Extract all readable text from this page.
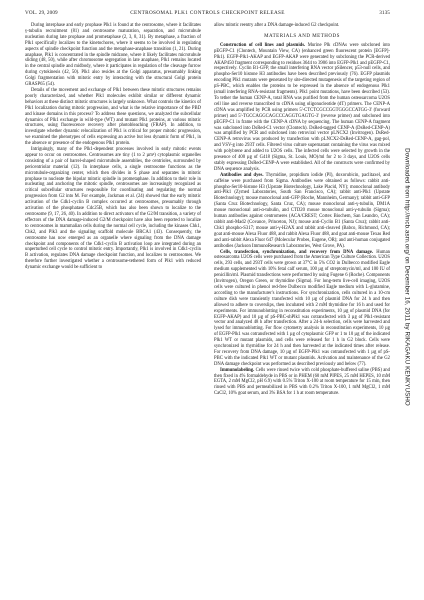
VOL. 29, 2009	CENTROSOMAL PLK1 CONTROLS CHECKPOINT RELEASE	3135

During interphase and early prophase Plk1 is found at the centrosome, where it facilitates γ-tubulin recruitment (81) and centrosome maturation, separation, and microtubule nucleation during late prophase and prometaphase (2, 3, 8, 31). By metaphase, a fraction of Plk1 specifically localizes to the kinetochores, where it seems to be involved in regulating aspects of spindle checkpoint function and the metaphase-anaphase transition (1, 21). During anaphase, Plk1 is concentrated in the spindle midzone, where it likely facilitates microtubule sliding (48, 50), while after chromosome segregation in late anaphase, Plk1 remains located in the central spindle and midbody, where it participates in regulation of the cleavage furrow during cytokinesis (42, 50). Plk1 also resides at the Golgi apparatus, presumably linking Golgi fragmentation with mitotic entry by interacting with the structural Golgi protein GRASP65 (54).

Details of the movement and exchange of Plk1 between these mitotic structures remains poorly characterized, and whether Plk1 molecules exhibit similar or different dynamic behaviors at these distinct mitotic structures is largely unknown. What controls the kinetics of Plk1 localization during mitotic progression, and what is the relative importance of the PBD and kinase domains in this process? To address these questions, we analyzed the subcellular dynamics of Plk1 exchange in wild-type (WT) and mutant Plk1 proteins, at various mitotic structures, using fluorescence recovery after photobleaching (FRAP). In addition, to investigate whether dynamic relocalization of Plk1 is critical for proper mitotic progression, we examined the phenotypes of cells expressing an active but less dynamic form of Plk1, in the absence or presence of the endogenous Plk1 protein.

Intriguingly, many of the Plk1-dependent processes involved in early mitotic events appear to occur on centrosomes. Centrosomes are tiny (1 to 2 µm³) cytoplasmic organelles consisting of a pair of barrel-shaped microtubule assemblies, the centrioles, surrounded by pericentriolar material (12). In interphase cells, a single centrosome functions as the microtubule-organizing center, which then divides in S phase and separates in mitotic prophase to nucleate the bipolar mitotic spindle in prometaphase. In addition to their role in nucleating and anchoring the mitotic spindle, centrosomes are increasingly recognized as critical subcellular structures responsible for coordinating and regulating the normal progression from G2 into M. For example, Jackman et al. (24) showed that the early mitotic activation of the Cdk1-cyclin B complex occurred at centrosomes, presumably through activation of the phosphatase Cdc25B, which has also been shown to localize to the centrosome (9, 17, 26, 40). In addition to direct activators of the G2/M transition, a variety of effectors of the DNA damage-induced G2/M checkpoint have also been reported to localize to centrosomes in mammalian cells during the normal cell cycle, including the kinases Chk1, Chk2, and Plk3 and the signaling scaffold molecule BRCA1 (43). Consequently, the centrosome has now emerged as an organelle where signaling from the DNA damage checkpoint and components of the Cdk1-cyclin B activation loop are integrated during an unperturbed cell cycle to control mitotic entry. Importantly, Plk1 is involved in Cdk1-cyclin B activation, regulates DNA damage checkpoint function, and localizes to centrosomes. We therefore further investigated whether a centrosome-tethered form of Plk1 with reduced dynamic exchange would be sufficient to

allow mitotic reentry after a DNA damage-induced G2 checkpoint.

MATERIALS AND METHODS

Construction of cell lines and plasmids. Murine Plk cDNAs were subcloned into pEGFP-C1 (Clontech, Mountain View, CA) (enhanced green fluorescent protein [EGFP]-Plk1). EGFP-Plk1-AKAP and EGFP-AKAP were generated by subcloning the PCR-derived AKAP450 fragment corresponding to residues 3644 to 3906 into EGFP-Plk1 and pEGFP-C1, respectively. Cyclin B1-GFP, the small interfering RNA vector pSilencer, p53-null cells, and phospho-Ser10 histone H3 antibodies have been described previously (76). EGFP plasmids encoding Plk1 mutants were generated by site-directed mutagenesis of the targeting region of pS-PBC, which enables the proteins to be expressed in the absence of endogenous Plk1 (small interfering RNA-resistant fragments). Plk1 point mutations, have been described (53). To tether the human CENP-A, total RNA was purified from the human osteosarcoma U2OS cell line and reverse transcribed to cDNA using oligonucleotide (dT) primers. The CENP-A cDNA was amplified by PCR using primers 5'-CTCTCGCCGGTGGGCCATGG-3' (forward primer) and 5'-TGCCAGGCAGCCCAGGTGAGTG-3' (reverse primer) and subcloned into pEGFP-C1 in frame with the CENP-A cDNA by sequencing. The human CENP-A fragment was subcloned into DsRed-C1 vector (Clontech). DsRed-tagged CENP-A (DsRed-CENP-A) was amplified by PCR and subcloned into retroviral vector pLNCX2 (Invitrogen). DsRed-CENP-A retrovirus was produced by transfection with pLNCX2-DsRed-CENP-A, gag-pol, and VSV-g into 293T cells. Filtered virus culture supernatant containing the virus was mixed with polybrene and added to U2OS cells. The infected cells were selected by growth in the presence of 400 µg of G418 (Sigma, St. Louis, MO)/ml for 2 to 3 days, and U2OS cells stably expressing DsRed-CENP-A were established. All of the constructs were confirmed by DNA sequence analysis.

Antibodies and dyes. Thymidine, propidium iodide (PI), doxorubicin, paclitaxel, and caffeine were purchased from Sigma. Antibodies were obtained as follows: rabbit anti-phospho-Ser10-histone H3 (Upstate Biotechnology, Lake Placid, NY); monoclonal antibody anti-Plk1 (Zymed Laboratories, South San Francisco, CA); rabbit anti-Plk1 (Upstate Biotechnology); mouse monoclonal anti-GFP (Roche, Mannheim, Germany); rabbit anti-GFP (Santa Cruz Biotechnology, Santa Cruz, CA); mouse monoclonal anti-γ-tubulin, DM1A mouse monoclonal anti-α-tubulin, and CTD20 mouse monoclonal anti-γ-tubulin (Sigma); human antibodies against centromeres (ACA/CREST; Cortex Biochem, San Leandro, CA); rabbit anti-Mad2 (Covance, Princeton, NJ); mouse anti-Cyclin B1 (Santa Cruz); rabbit anti-Chk1 phospho-S317; mouse anti-γ-H2AX and rabbit anti-cleaved (Babco, Richmond, CA); goat anti-mouse Alexa Fluor 488, and rabbit Alexa Fluor 488, and goat anti-mouse Texas Red and anti-rabbit Alexa Fluor 647 (Molecular Probes, Eugene, OR); and anti-human conjugated antibodies (Jackson ImmunoResearch Laboratories, West Grove, PA).

Cells, transfection, synchronization, and recovery from DNA damage. Human osteosarcoma U2OS cells were purchased from the American Type Culture Collection. U2OS cells, 293 cells, and 293T cells were grown at 37°C in 5% CO2 in Dulbecco modified Eagle medium supplemented with 10% fetal calf serum, 100 µg of streptomycin/ml, and 100 IU of penicillin/ml. Plasmid transfections were performed by using Fugene 6 (Roche). Components (Invitrogen), Oregon Green, or thymidine (Sigma). For long-term live-cell imaging, U2OS cells were cultured in phenol red-free Dulbecco modified Eagle medium with L-glutamine, according to the manufacturer's instructions. For synchronization, cells cultured in a 10-cm culture dish were transiently transfected with 10 µg of plasmid DNA for 24 h and then allowed to adhere to coverslips, then incubated with 2 mM thymidine for 16 h and used for experiments. For immunoblotting in reconstitution experiments, 10 µg of plasmid DNA (for EGFP-AKAP) and 10 µg of pS-PBC-shPlk1 was cotransfected with 3 µg of Plk1-resistant vector and analyzed 48 h after transfection. After a 24-h selection, cells were harvested and lysed for immunoblotting. For flow cytometry analysis in reconstitution experiments, 10 µg of EGFP-Plk1 was cotransfected with 1 µg of cytoplasmic GFP or 1 to 10 µg of the indicated Plk1 WT or mutant plasmids, and cells were released for 1 h in G2 block. Cells were synchronized in thymidine for 24 h and then harvested at the indicated times after release. For recovery from DNA damage, 10 µg of EGFP-Plk1 was cotransfected with 1 µg of pS-PBC with the indicated Plk1 WT or mutant plasmids. Activation and maintenance of the G2 DNA damage checkpoint was performed as described previously and below (77).

Immunolabeling. Cells were rinsed twice with cold phosphate-buffered saline (PBS) and then fixed in 4% formaldehyde in PBS or in PHEM (60 mM PIPES, 25 mM HEPES, 10 mM EGTA, 2 mM MgCl2, pH 6.9) with 0.5% Triton X-100 at room temperature for 15 min, then rinsed with PBS and permeabilized in PBS with 0.2% Triton X-100, 1 mM MgCl2, 1 mM CaCl2, 10% goat serum, and 3% BSA for 1 h at room temperature.	Downloaded from http://mcb.asm.org/ on December 16, 2011 by RIKAGAKU KENKYUSHO
